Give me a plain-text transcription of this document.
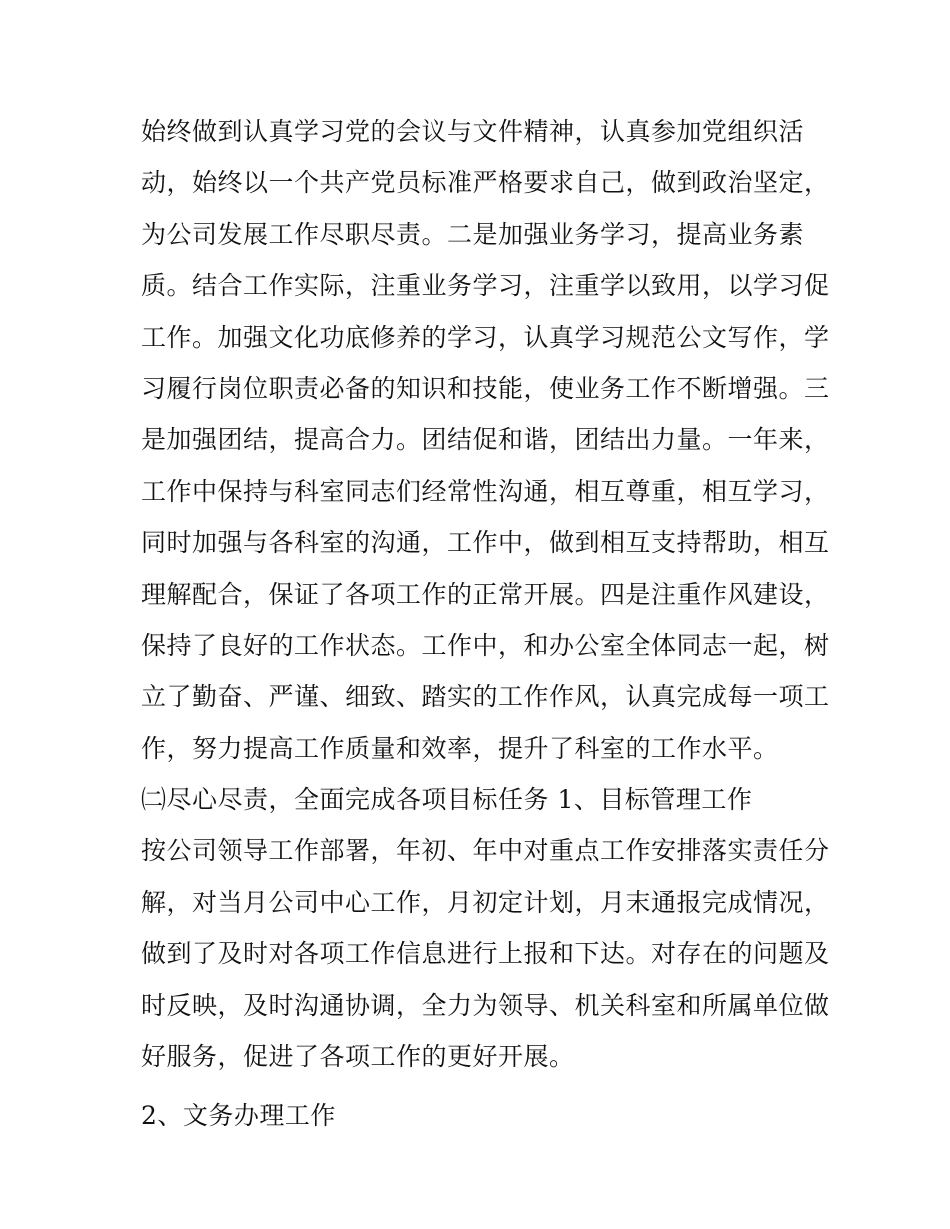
始终做到认真学习党的会议与文件精神，认真参加党组织活
动，始终以一个共产党员标准严格要求自己，做到政治坚定，
为公司发展工作尽职尽责。二是加强业务学习，提高业务素
质。结合工作实际，注重业务学习，注重学以致用，以学习促
工作。加强文化功底修养的学习，认真学习规范公文写作，学
习履行岗位职责必备的知识和技能，使业务工作不断增强。三
是加强团结，提高合力。团结促和谐，团结出力量。一年来，
工作中保持与科室同志们经常性沟通，相互尊重，相互学习，
同时加强与各科室的沟通，工作中，做到相互支持帮助，相互
理解配合，保证了各项工作的正常开展。四是注重作风建设，
保持了良好的工作状态。工作中，和办公室全体同志一起，树
立了勤奋、严谨、细致、踏实的工作作风，认真完成每一项工
作，努力提高工作质量和效率，提升了科室的工作水平。
㈡尽心尽责，全面完成各项目标任务 1、目标管理工作
按公司领导工作部署，年初、年中对重点工作安排落实责任分
解，对当月公司中心工作，月初定计划，月末通报完成情况，
做到了及时对各项工作信息进行上报和下达。对存在的问题及
时反映，及时沟通协调，全力为领导、机关科室和所属单位做
好服务，促进了各项工作的更好开展。
2、文务办理工作
